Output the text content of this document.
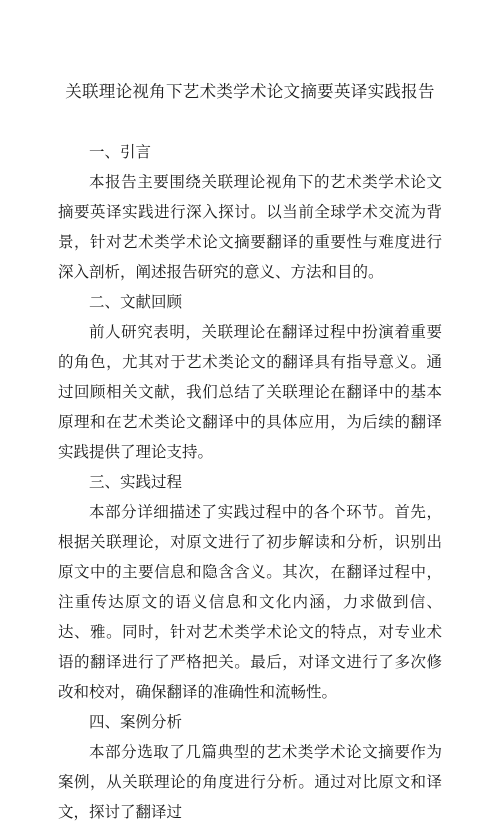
关联理论视角下艺术类学术论文摘要英译实践报告

一、引言

本报告主要围绕关联理论视角下的艺术类学术论文摘要英译实践进行深入探讨。以当前全球学术交流为背景，针对艺术类学术论文摘要翻译的重要性与难度进行深入剖析，阐述报告研究的意义、方法和目的。

二、文献回顾

前人研究表明，关联理论在翻译过程中扮演着重要的角色，尤其对于艺术类论文的翻译具有指导意义。通过回顾相关文献，我们总结了关联理论在翻译中的基本原理和在艺术类论文翻译中的具体应用，为后续的翻译实践提供了理论支持。

三、实践过程

本部分详细描述了实践过程中的各个环节。首先，根据关联理论，对原文进行了初步解读和分析，识别出原文中的主要信息和隐含含义。其次，在翻译过程中，注重传达原文的语义信息和文化内涵，力求做到信、达、雅。同时，针对艺术类学术论文的特点，对专业术语的翻译进行了严格把关。最后，对译文进行了多次修改和校对，确保翻译的准确性和流畅性。

四、案例分析

本部分选取了几篇典型的艺术类学术论文摘要作为案例，从关联理论的角度进行分析。通过对比原文和译文，探讨了翻译过
